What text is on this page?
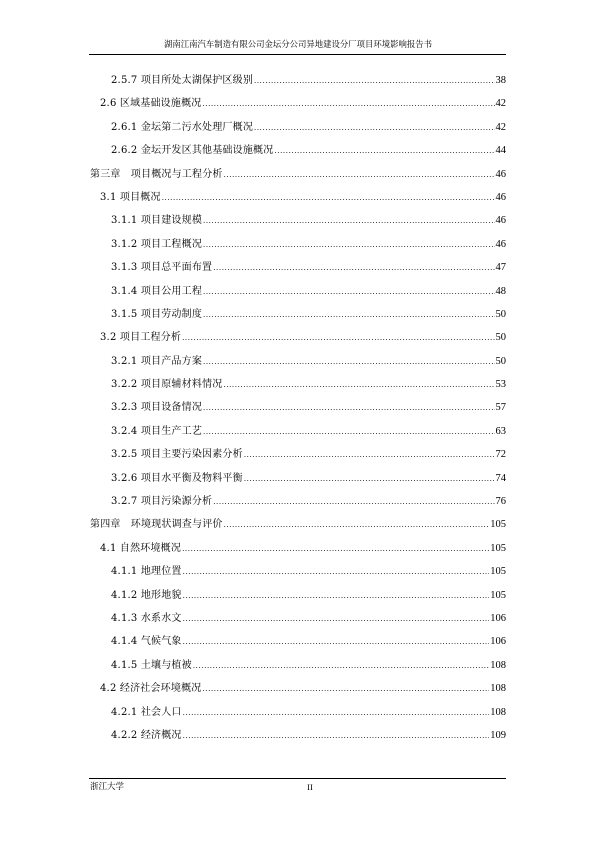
湖南江南汽车制造有限公司金坛分公司异地建设分厂项目环境影响报告书
2.5.7 项目所处太湖保护区级别 .....	38
2.6 区域基础设施概况 .....	42
2.6.1 金坛第二污水处理厂概况 .....	42
2.6.2 金坛开发区其他基础设施概况 .....	44
第三章　项目概况与工程分析 .....	46
3.1 项目概况 .....	46
3.1.1 项目建设规模 .....	46
3.1.2 项目工程概况 .....	46
3.1.3 项目总平面布置 .....	47
3.1.4 项目公用工程 .....	48
3.1.5 项目劳动制度 .....	50
3.2 项目工程分析 .....	50
3.2.1 项目产品方案 .....	50
3.2.2 项目原辅材料情况 .....	53
3.2.3 项目设备情况 .....	57
3.2.4 项目生产工艺 .....	63
3.2.5 项目主要污染因素分析 .....	72
3.2.6 项目水平衡及物料平衡 .....	74
3.2.7 项目污染源分析 .....	76
第四章　环境现状调查与评价 .....	105
4.1 自然环境概况 .....	105
4.1.1 地理位置 .....	105
4.1.2 地形地貌 .....	105
4.1.3 水系水文 .....	106
4.1.4 气候气象 .....	106
4.1.5 土壤与植被 .....	108
4.2 经济社会环境概况 .....	108
4.2.1 社会人口 .....	108
4.2.2 经济概况 .....	109
浙江大学	II
